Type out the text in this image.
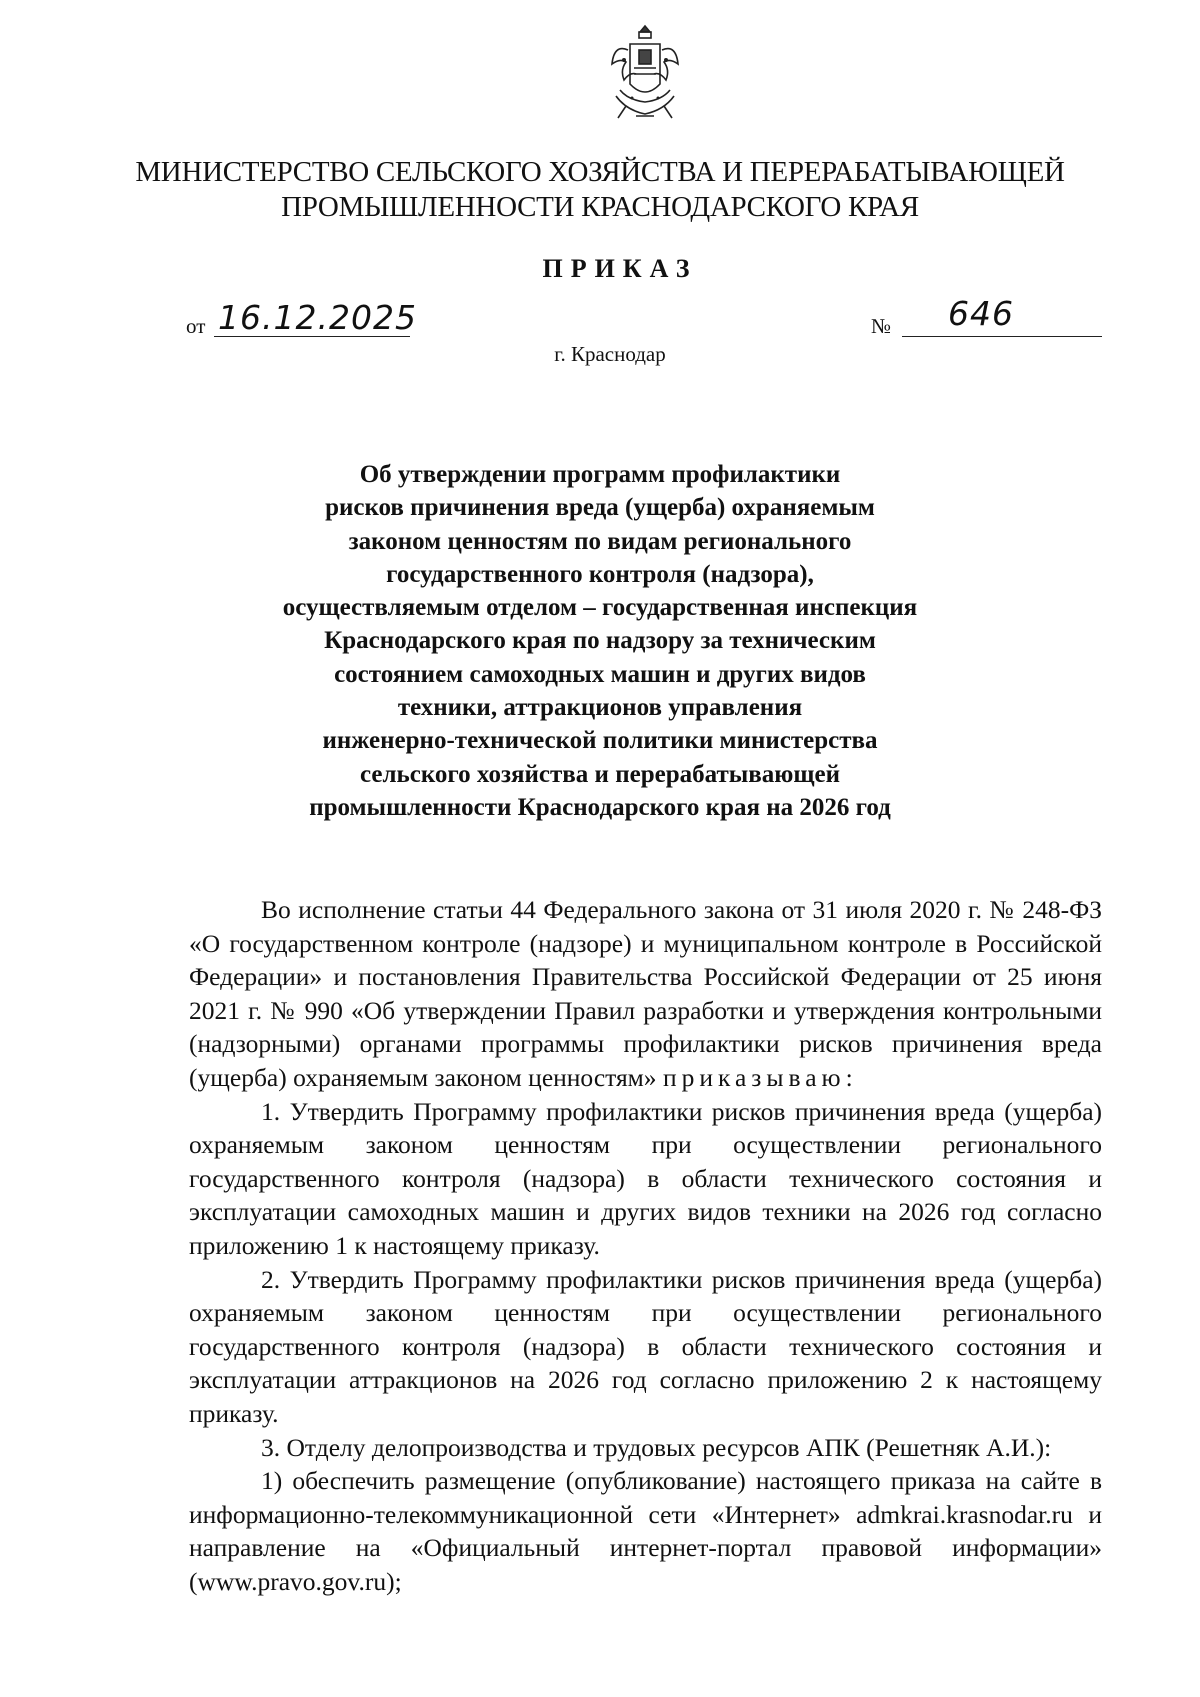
МИНИСТЕРСТВО СЕЛЬСКОГО ХОЗЯЙСТВА И ПЕРЕРАБАТЫВАЮЩЕЙ
ПРОМЫШЛЕННОСТИ КРАСНОДАРСКОГО КРАЯ
ПРИКАЗ
от 16.12.2025	№ 646
г. Краснодар
Об утверждении программ профилактики
рисков причинения вреда (ущерба) охраняемым
законом ценностям по видам регионального
государственного контроля (надзора),
осуществляемым отделом – государственная инспекция
Краснодарского края по надзору за техническим
состоянием самоходных машин и других видов
техники, аттракционов управления
инженерно-технической политики министерства
сельского хозяйства и перерабатывающей
промышленности Краснодарского края на 2026 год

Во исполнение статьи 44 Федерального закона от 31 июля 2020 г. № 248-ФЗ «О государственном контроле (надзоре) и муниципальном контроле в Российской Федерации» и постановления Правительства Российской Федерации от 25 июня 2021 г. № 990 «Об утверждении Правил разработки и утверждения контрольными (надзорными) органами программы профилактики рисков причинения вреда (ущерба) охраняемым законом ценностям» приказываю:

1. Утвердить Программу профилактики рисков причинения вреда (ущерба) охраняемым законом ценностям при осуществлении регионального государственного контроля (надзора) в области технического состояния и эксплуатации самоходных машин и других видов техники на 2026 год согласно приложению 1 к настоящему приказу.

2. Утвердить Программу профилактики рисков причинения вреда (ущерба) охраняемым законом ценностям при осуществлении регионального государственного контроля (надзора) в области технического состояния и эксплуатации аттракционов на 2026 год согласно приложению 2 к настоящему приказу.

3. Отделу делопроизводства и трудовых ресурсов АПК (Решетняк А.И.):

1) обеспечить размещение (опубликование) настоящего приказа на сайте в информационно-телекоммуникационной сети «Интернет» admkrai.krasnodar.ru и направление на «Официальный интернет-портал правовой информации» (www.pravo.gov.ru);
